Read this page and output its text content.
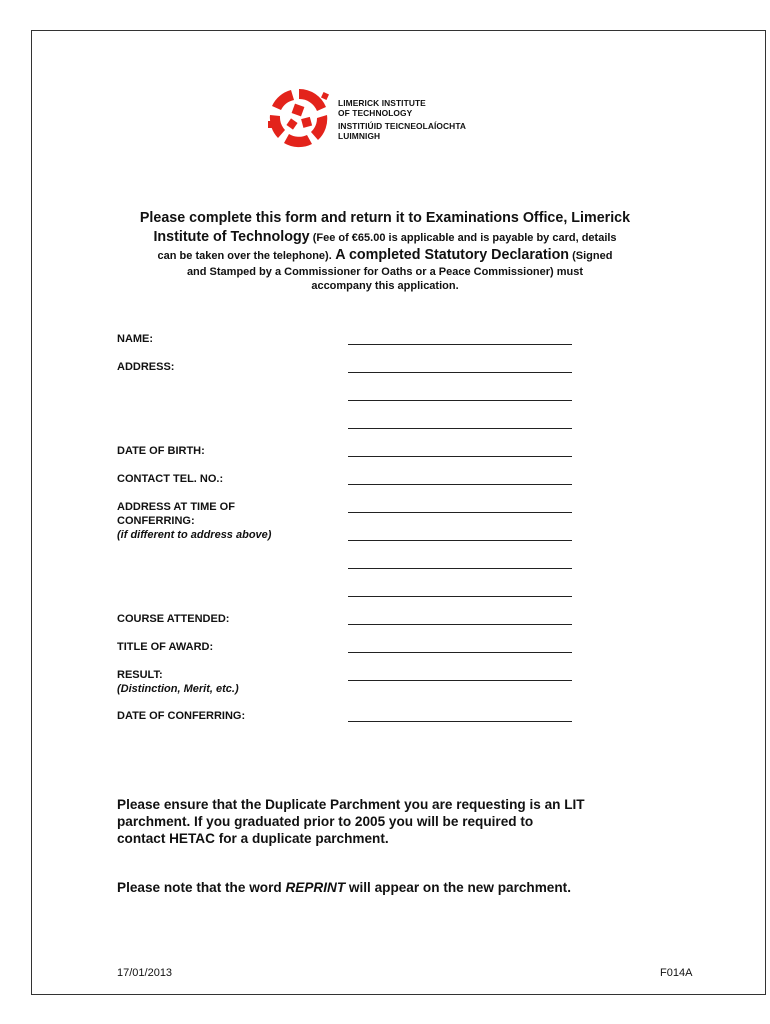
LIMERICK INSTITUTE
OF TECHNOLOGY
INSTITIÚID TEICNEOLAÍOCHTA
LUIMNIGH
Please complete this form and return it to Examinations Office, Limerick
Institute of Technology (Fee of €65.00 is applicable and is payable by card, details
can be taken over the telephone). A completed Statutory Declaration (Signed
and Stamped by a Commissioner for Oaths or a Peace Commissioner) must
accompany this application.
NAME:
ADDRESS:
DATE OF BIRTH:
CONTACT TEL. NO.:
ADDRESS AT TIME OF
CONFERRING:
(if different to address above)
COURSE ATTENDED:
TITLE OF AWARD:
RESULT:
(Distinction, Merit, etc.)
DATE OF CONFERRING:
Please ensure that the Duplicate Parchment you are requesting is an LIT
parchment. If you graduated prior to 2005 you will be required to
contact HETAC for a duplicate parchment.
Please note that the word REPRINT will appear on the new parchment.
17/01/2013	F014A
